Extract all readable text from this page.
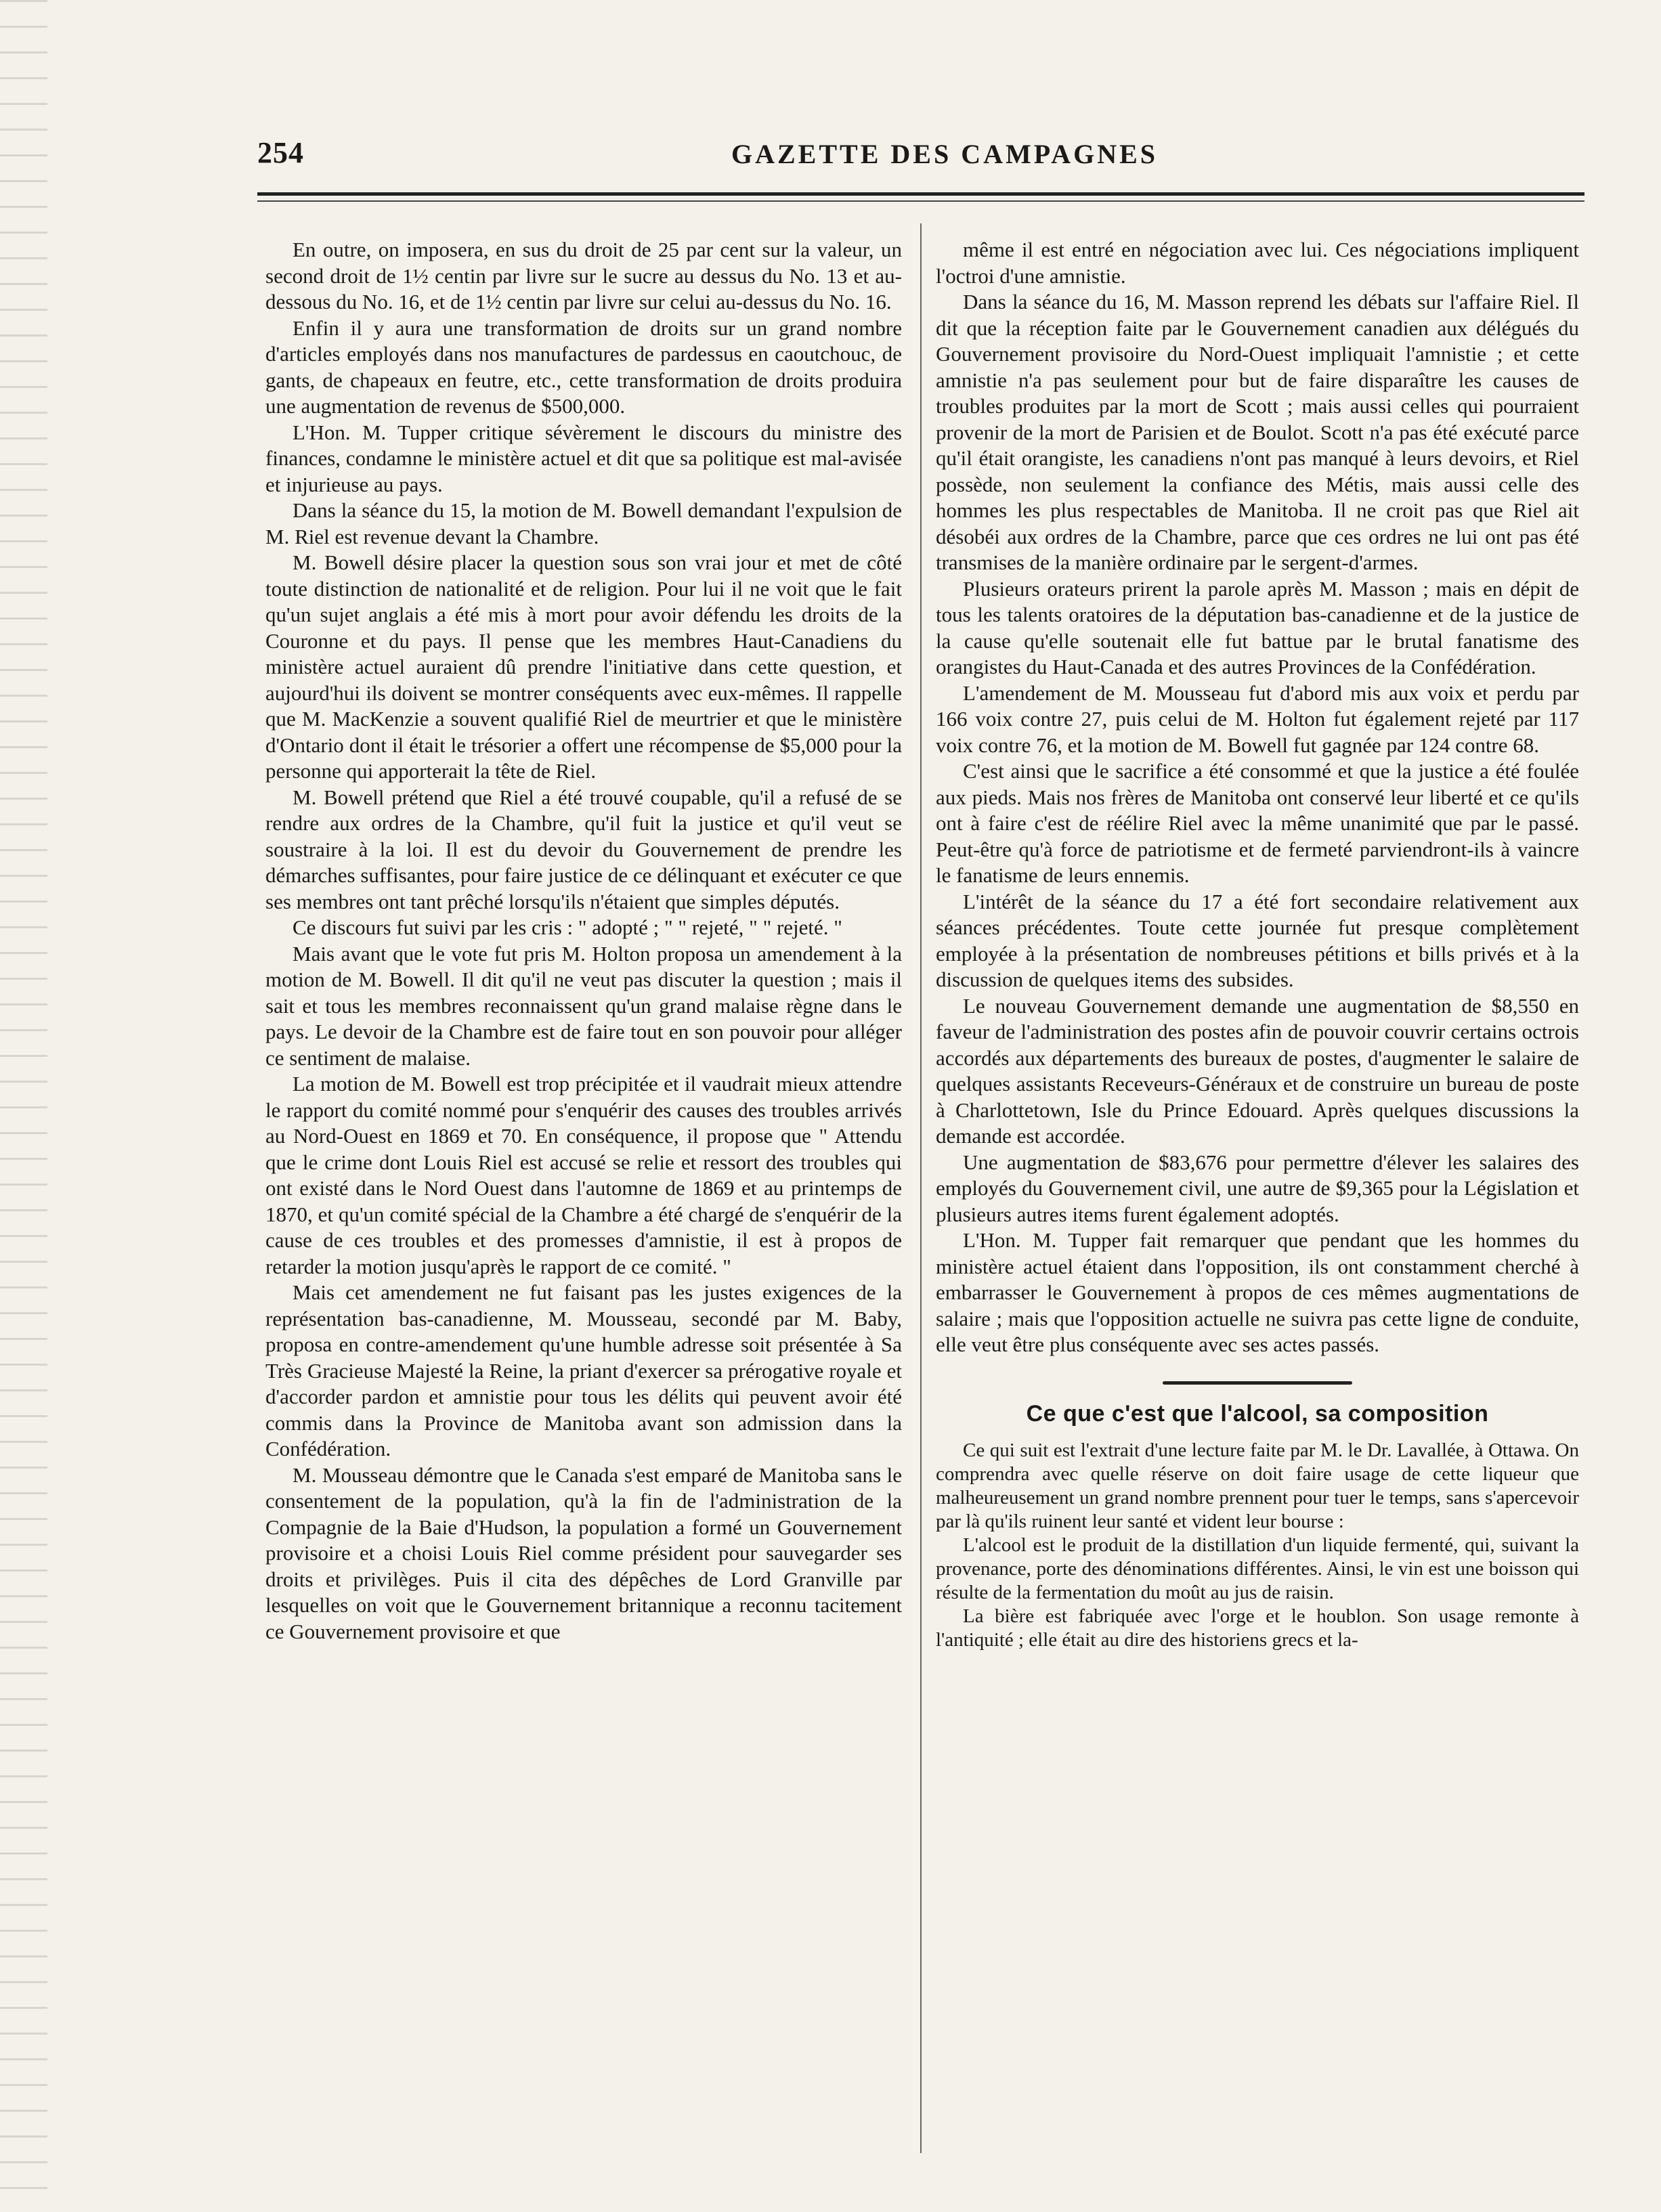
254	GAZETTE DES CAMPAGNES

En outre, on imposera, en sus du droit de 25 par cent sur la valeur, un second droit de 1½ centin par livre sur le sucre au dessus du No. 13 et au-dessous du No. 16, et de 1½ centin par livre sur celui au-dessus du No. 16.

Enfin il y aura une transformation de droits sur un grand nombre d'articles employés dans nos manufactures de pardessus en caoutchouc, de gants, de chapeaux en feutre, etc., cette transformation de droits produira une augmentation de revenus de $500,000.

L'Hon. M. Tupper critique sévèrement le discours du ministre des finances, condamne le ministère actuel et dit que sa politique est mal-avisée et injurieuse au pays.

Dans la séance du 15, la motion de M. Bowell demandant l'expulsion de M. Riel est revenue devant la Chambre.

M. Bowell désire placer la question sous son vrai jour et met de côté toute distinction de nationalité et de religion. Pour lui il ne voit que le fait qu'un sujet anglais a été mis à mort pour avoir défendu les droits de la Couronne et du pays. Il pense que les membres Haut-Canadiens du ministère actuel auraient dû prendre l'initiative dans cette question, et aujourd'hui ils doivent se montrer conséquents avec eux-mêmes. Il rappelle que M. MacKenzie a souvent qualifié Riel de meurtrier et que le ministère d'Ontario dont il était le trésorier a offert une récompense de $5,000 pour la personne qui apporterait la tête de Riel.

M. Bowell prétend que Riel a été trouvé coupable, qu'il a refusé de se rendre aux ordres de la Chambre, qu'il fuit la justice et qu'il veut se soustraire à la loi. Il est du devoir du Gouvernement de prendre les démarches suffisantes, pour faire justice de ce délinquant et exécuter ce que ses membres ont tant prêché lorsqu'ils n'étaient que simples députés.

Ce discours fut suivi par les cris : " adopté ; " " rejeté, " " rejeté. "

Mais avant que le vote fut pris M. Holton proposa un amendement à la motion de M. Bowell. Il dit qu'il ne veut pas discuter la question ; mais il sait et tous les membres reconnaissent qu'un grand malaise règne dans le pays. Le devoir de la Chambre est de faire tout en son pouvoir pour alléger ce sentiment de malaise.

La motion de M. Bowell est trop précipitée et il vaudrait mieux attendre le rapport du comité nommé pour s'enquérir des causes des troubles arrivés au Nord-Ouest en 1869 et 70. En conséquence, il propose que " Attendu que le crime dont Louis Riel est accusé se relie et ressort des troubles qui ont existé dans le Nord Ouest dans l'automne de 1869 et au printemps de 1870, et qu'un comité spécial de la Chambre a été chargé de s'enquérir de la cause de ces troubles et des promesses d'amnistie, il est à propos de retarder la motion jusqu'après le rapport de ce comité. "

Mais cet amendement ne fut faisant pas les justes exigences de la représentation bas-canadienne, M. Mousseau, secondé par M. Baby, proposa en contre-amendement qu'une humble adresse soit présentée à Sa Très Gracieuse Majesté la Reine, la priant d'exercer sa prérogative royale et d'accorder pardon et amnistie pour tous les délits qui peuvent avoir été commis dans la Province de Manitoba avant son admission dans la Confédération.

M. Mousseau démontre que le Canada s'est emparé de Manitoba sans le consentement de la population, qu'à la fin de l'administration de la Compagnie de la Baie d'Hudson, la population a formé un Gouvernement provisoire et a choisi Louis Riel comme président pour sauvegarder ses droits et privilèges. Puis il cita des dépêches de Lord Granville par lesquelles on voit que le Gouvernement britannique a reconnu tacitement ce Gouvernement provisoire et que

même il est entré en négociation avec lui. Ces négociations impliquent l'octroi d'une amnistie.

Dans la séance du 16, M. Masson reprend les débats sur l'affaire Riel. Il dit que la réception faite par le Gouvernement canadien aux délégués du Gouvernement provisoire du Nord-Ouest impliquait l'amnistie ; et cette amnistie n'a pas seulement pour but de faire disparaître les causes de troubles produites par la mort de Scott ; mais aussi celles qui pourraient provenir de la mort de Parisien et de Boulot. Scott n'a pas été exécuté parce qu'il était orangiste, les canadiens n'ont pas manqué à leurs devoirs, et Riel possède, non seulement la confiance des Métis, mais aussi celle des hommes les plus respectables de Manitoba. Il ne croit pas que Riel ait désobéi aux ordres de la Chambre, parce que ces ordres ne lui ont pas été transmises de la manière ordinaire par le sergent-d'armes.

Plusieurs orateurs prirent la parole après M. Masson ; mais en dépit de tous les talents oratoires de la députation bas-canadienne et de la justice de la cause qu'elle soutenait elle fut battue par le brutal fanatisme des orangistes du Haut-Canada et des autres Provinces de la Confédération.

L'amendement de M. Mousseau fut d'abord mis aux voix et perdu par 166 voix contre 27, puis celui de M. Holton fut également rejeté par 117 voix contre 76, et la motion de M. Bowell fut gagnée par 124 contre 68.

C'est ainsi que le sacrifice a été consommé et que la justice a été foulée aux pieds. Mais nos frères de Manitoba ont conservé leur liberté et ce qu'ils ont à faire c'est de réélire Riel avec la même unanimité que par le passé. Peut-être qu'à force de patriotisme et de fermeté parviendront-ils à vaincre le fanatisme de leurs ennemis.

L'intérêt de la séance du 17 a été fort secondaire relativement aux séances précédentes. Toute cette journée fut presque complètement employée à la présentation de nombreuses pétitions et bills privés et à la discussion de quelques items des subsides.

Le nouveau Gouvernement demande une augmentation de $8,550 en faveur de l'administration des postes afin de pouvoir couvrir certains octrois accordés aux départements des bureaux de postes, d'augmenter le salaire de quelques assistants Receveurs-Généraux et de construire un bureau de poste à Charlottetown, Isle du Prince Edouard. Après quelques discussions la demande est accordée.

Une augmentation de $83,676 pour permettre d'élever les salaires des employés du Gouvernement civil, une autre de $9,365 pour la Législation et plusieurs autres items furent également adoptés.

L'Hon. M. Tupper fait remarquer que pendant que les hommes du ministère actuel étaient dans l'opposition, ils ont constamment cherché à embarrasser le Gouvernement à propos de ces mêmes augmentations de salaire ; mais que l'opposition actuelle ne suivra pas cette ligne de conduite, elle veut être plus conséquente avec ses actes passés.

Ce que c'est que l'alcool, sa composition

Ce qui suit est l'extrait d'une lecture faite par M. le Dr. Lavallée, à Ottawa. On comprendra avec quelle réserve on doit faire usage de cette liqueur que malheureusement un grand nombre prennent pour tuer le temps, sans s'apercevoir par là qu'ils ruinent leur santé et vident leur bourse :

L'alcool est le produit de la distillation d'un liquide fermenté, qui, suivant la provenance, porte des dénominations différentes. Ainsi, le vin est une boisson qui résulte de la fermentation du moût au jus de raisin.

La bière est fabriquée avec l'orge et le houblon. Son usage remonte à l'antiquité ; elle était au dire des historiens grecs et la-
